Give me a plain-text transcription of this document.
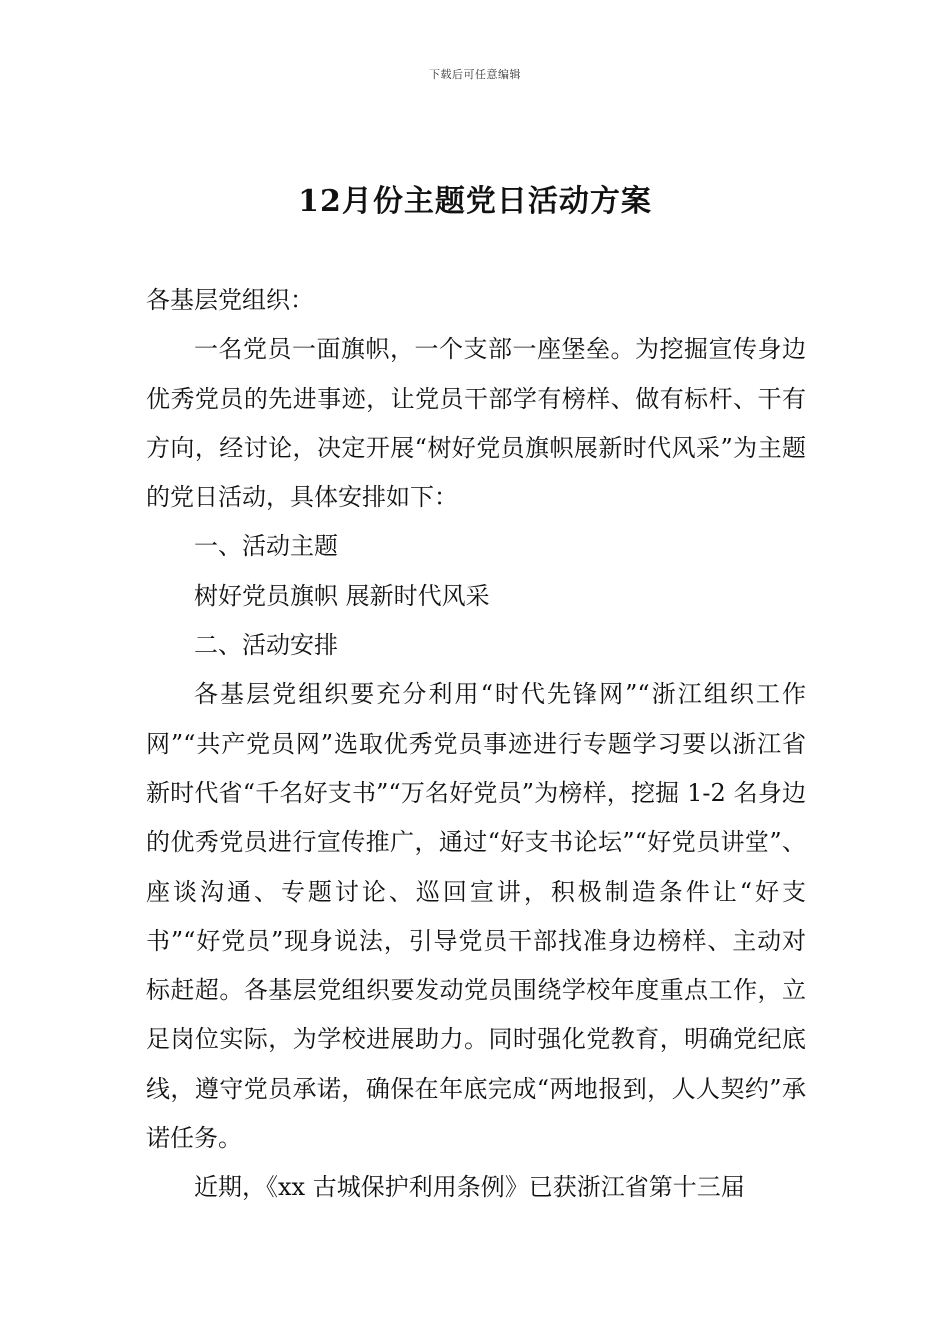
下载后可任意编辑
12月份主题党日活动方案

各基层党组织：

一名党员一面旗帜，一个支部一座堡垒。为挖掘宣传身边优秀党员的先进事迹，让党员干部学有榜样、做有标杆、干有方向，经讨论，决定开展“树好党员旗帜展新时代风采”为主题的党日活动，具体安排如下：

一、活动主题

树好党员旗帜 展新时代风采

二、活动安排

各基层党组织要充分利用“时代先锋网”“浙江组织工作网”“共产党员网”选取优秀党员事迹进行专题学习要以浙江省新时代省“千名好支书”“万名好党员”为榜样，挖掘 1-2 名身边的优秀党员进行宣传推广，通过“好支书论坛”“好党员讲堂”、座谈沟通、专题讨论、巡回宣讲，积极制造条件让“好支书”“好党员”现身说法，引导党员干部找准身边榜样、主动对标赶超。各基层党组织要发动党员围绕学校年度重点工作，立足岗位实际，为学校进展助力。同时强化党教育，明确党纪底线，遵守党员承诺，确保在年底完成“两地报到，人人契约”承诺任务。

近期，《xx 古城保护利用条例》已获浙江省第十三届
